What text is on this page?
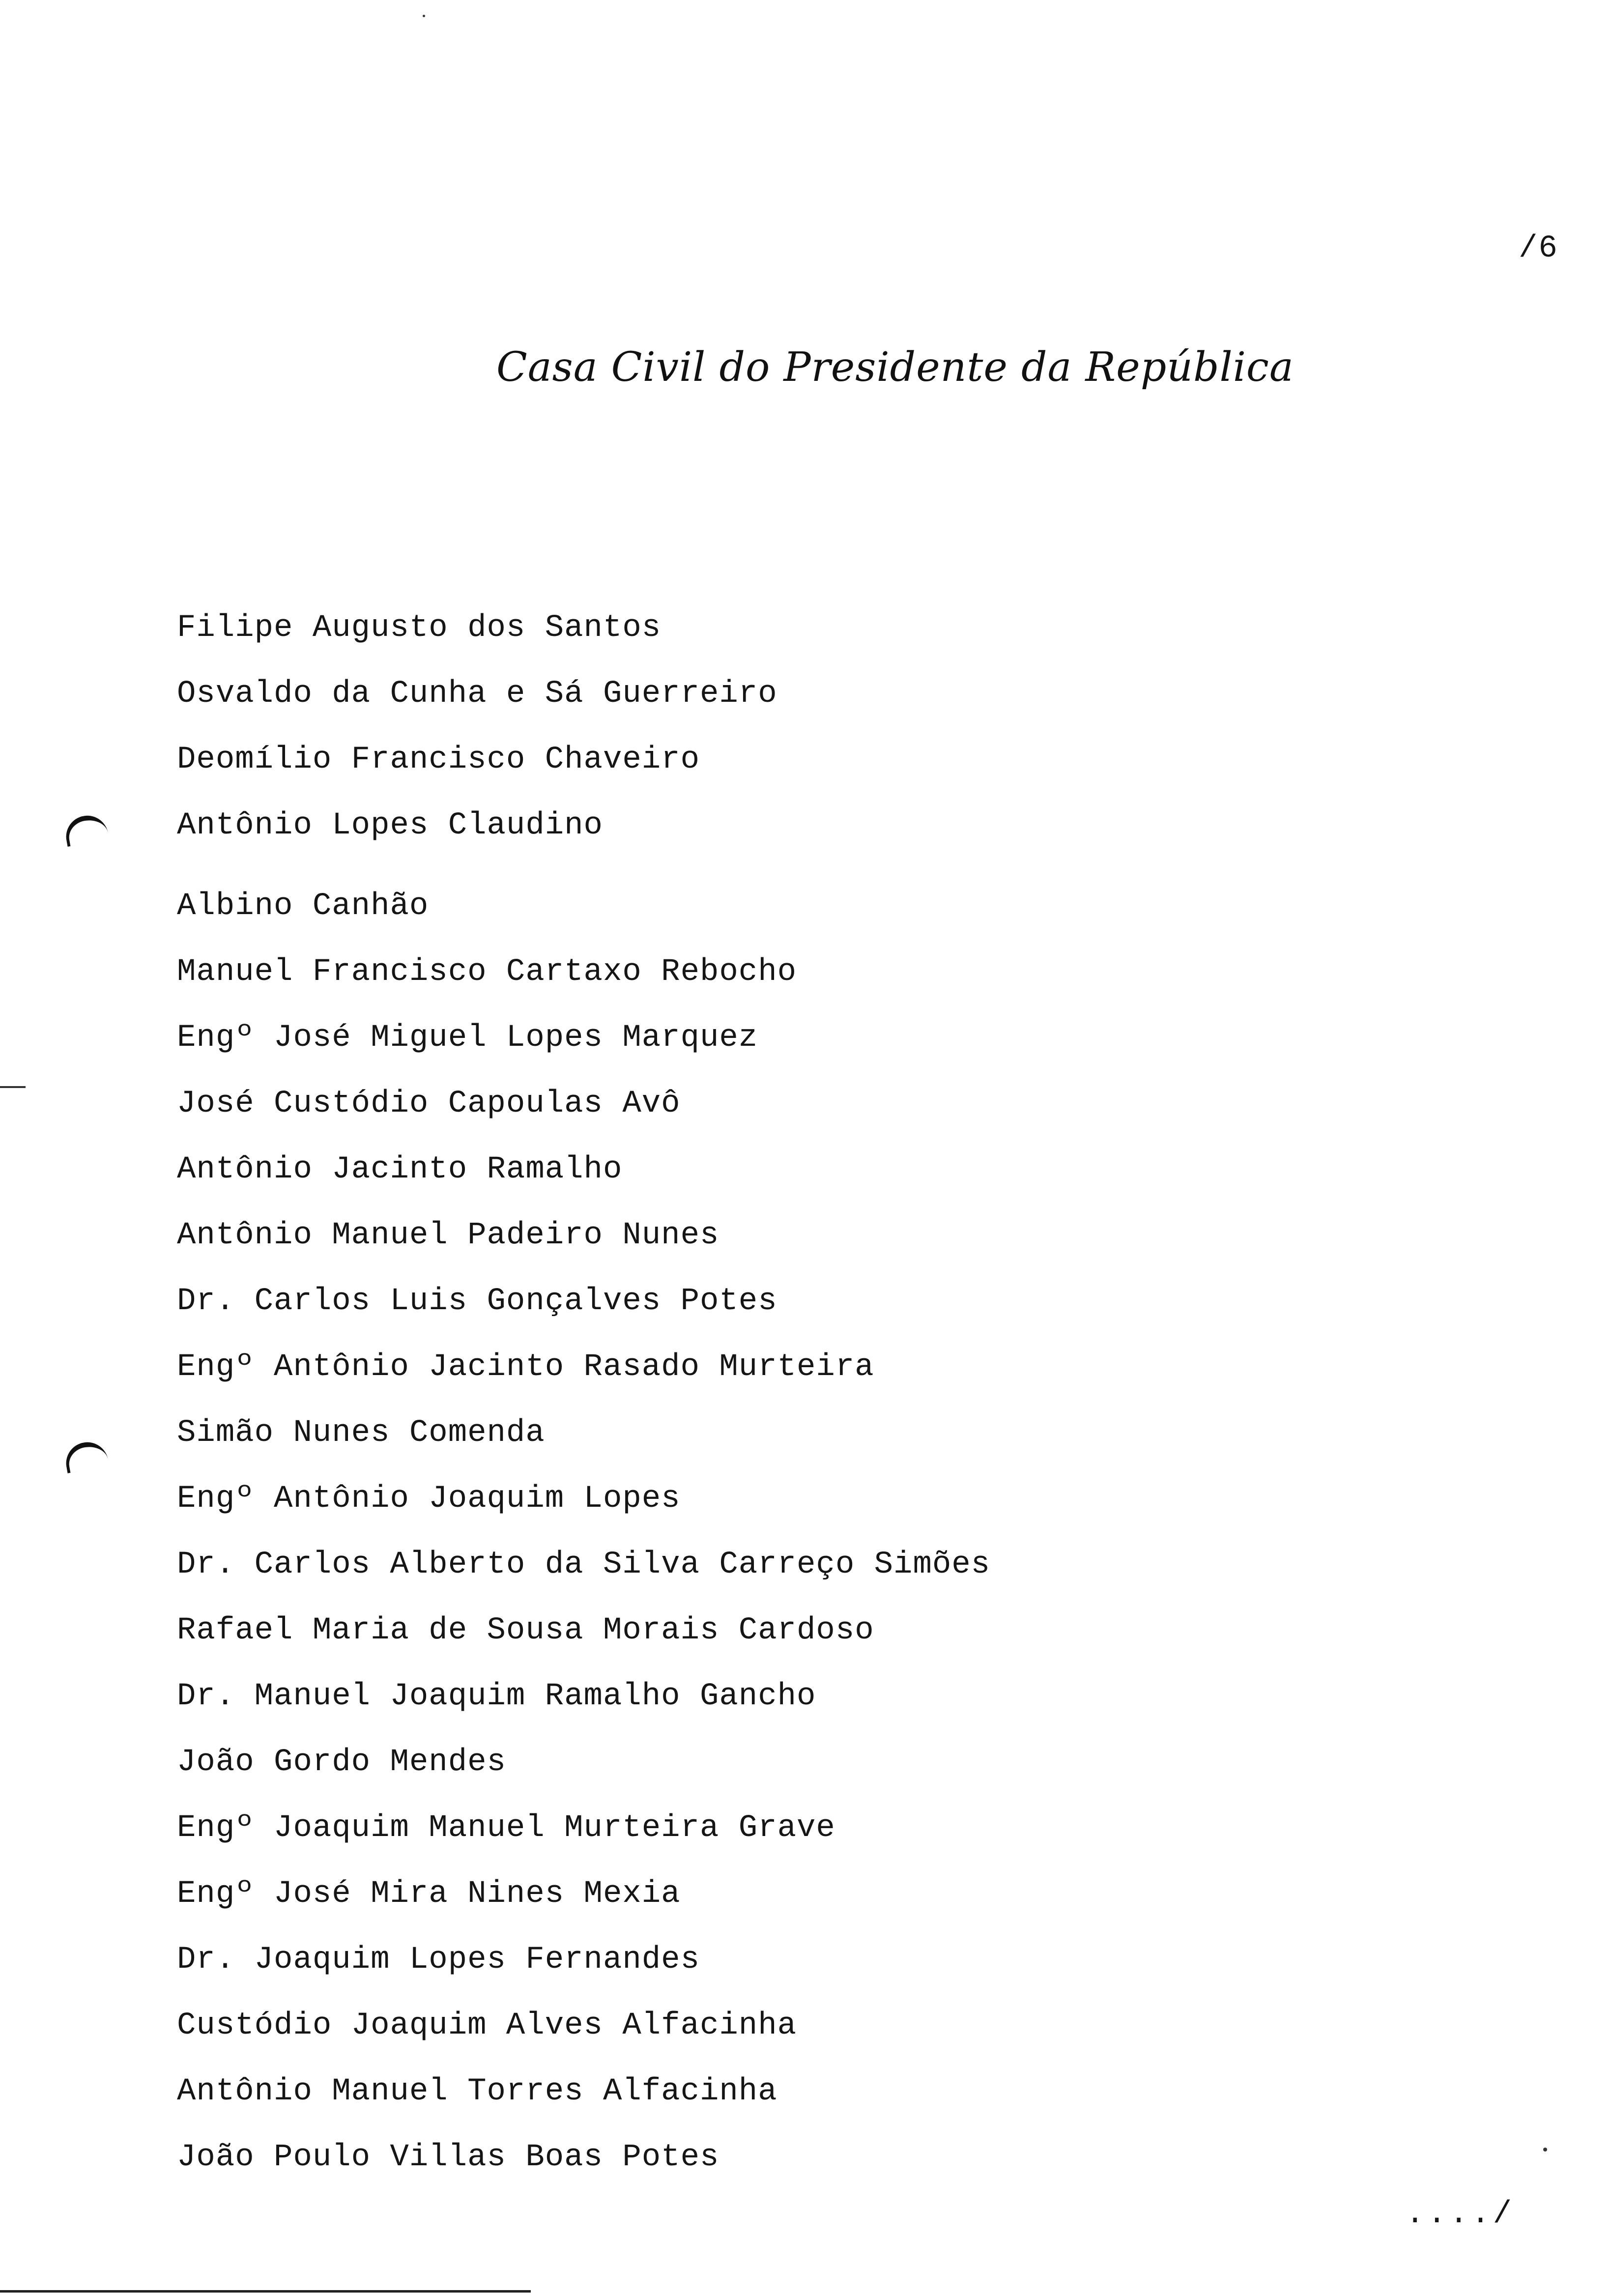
/6
Casa Civil do Presidente da República
Filipe Augusto dos Santos
Osvaldo da Cunha e Sá Guerreiro
Deomílio Francisco Chaveiro
Antônio Lopes Claudino
Albino Canhão
Manuel Francisco Cartaxo Rebocho
Engº José Miguel Lopes Marquez
José Custódio Capoulas Avô
Antônio Jacinto Ramalho
Antônio Manuel Padeiro Nunes
Dr. Carlos Luis Gonçalves Potes
Engº Antônio Jacinto Rasado Murteira
Simão Nunes Comenda
Engº Antônio Joaquim Lopes
Dr. Carlos Alberto da Silva Carreço Simões
Rafael Maria de Sousa Morais Cardoso
Dr. Manuel Joaquim Ramalho Gancho
João Gordo Mendes
Engº Joaquim Manuel Murteira Grave
Engº José Mira Nines Mexia
Dr. Joaquim Lopes Fernandes
Custódio Joaquim Alves Alfacinha
Antônio Manuel Torres Alfacinha
João Poulo Villas Boas Potes
..../
